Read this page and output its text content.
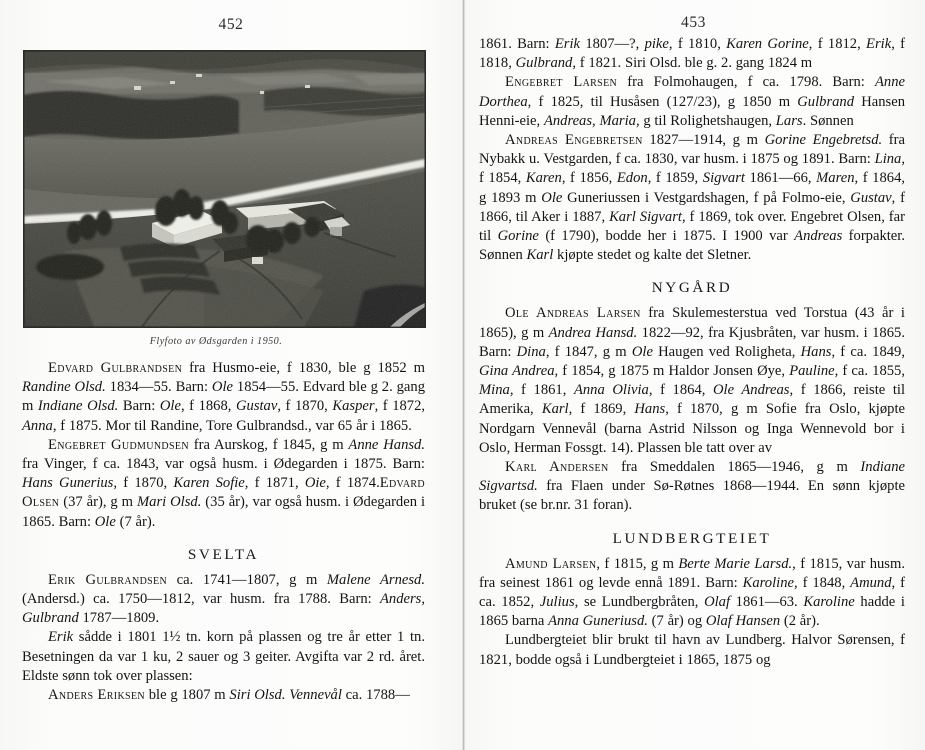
452
Flyfoto av Ødsgarden i 1950.

Edvard Gulbrandsen fra Husmo-eie, f 1830, ble g 1852 m Randine Olsd. 1834—55. Barn: Ole 1854—55. Edvard ble g 2. gang m Indiane Olsd. Barn: Ole, f 1868, Gustav, f 1870, Kasper, f 1872, Anna, f 1875. Mor til Randine, Tore Gulbrandsd., var 65 år i 1865.

Engebret Gudmundsen fra Aurskog, f 1845, g m Anne Hansd. fra Vinger, f ca. 1843, var også husm. i Ødegarden i 1875. Barn: Hans Gunerius, f 1870, Karen Sofie, f 1871, Oie, f 1874.Edvard Olsen (37 år), g m Mari Olsd. (35 år), var også husm. i Ødegarden i 1865. Barn: Ole (7 år).

SVELTA

Erik Gulbrandsen ca. 1741—1807, g m Malene Arnesd. (Andersd.) ca. 1750—1812, var husm. fra 1788. Barn: Anders, Gulbrand 1787—1809.

Erik sådde i 1801 1½ tn. korn på plassen og tre år etter 1 tn. Besetningen da var 1 ku, 2 sauer og 3 geiter. Avgifta var 2 rd. året. Eldste sønn tok over plassen:

Anders Eriksen ble g 1807 m Siri Olsd. Vennevål ca. 1788—

453

1861. Barn: Erik 1807—?, pike, f 1810, Karen Gorine, f 1812, Erik, f 1818, Gulbrand, f 1821. Siri Olsd. ble g. 2. gang 1824 m

Engebret Larsen fra Folmohaugen, f ca. 1798. Barn: Anne Dorthea, f 1825, til Husåsen (127/23), g 1850 m Gulbrand Hansen Henni-eie, Andreas, Maria, g til Rolighetshaugen, Lars. Sønnen

Andreas Engebretsen 1827—1914, g m Gorine Engebretsd. fra Nybakk u. Vestgarden, f ca. 1830, var husm. i 1875 og 1891. Barn: Lina, f 1854, Karen, f 1856, Edon, f 1859, Sigvart 1861—66, Maren, f 1864, g 1893 m Ole Guneriussen i Vestgardshagen, f på Folmo-eie, Gustav, f 1866, til Aker i 1887, Karl Sigvart, f 1869, tok over. Engebret Olsen, far til Gorine (f 1790), bodde her i 1875. I 1900 var Andreas forpakter. Sønnen Karl kjøpte stedet og kalte det Sletner.

NYGÅRD

Ole Andreas Larsen fra Skulemesterstua ved Torstua (43 år i 1865), g m Andrea Hansd. 1822—92, fra Kjusbråten, var husm. i 1865. Barn: Dina, f 1847, g m Ole Haugen ved Roligheta, Hans, f ca. 1849, Gina Andrea, f 1854, g 1875 m Haldor Jonsen Øye, Pauline, f ca. 1855, Mina, f 1861, Anna Olivia, f 1864, Ole Andreas, f 1866, reiste til Amerika, Karl, f 1869, Hans, f 1870, g m Sofie fra Oslo, kjøpte Nordgarn Vennevål (barna Astrid Nilsson og Inga Wennevold bor i Oslo, Herman Fossgt. 14). Plassen ble tatt over av

Karl Andersen fra Smeddalen 1865—1946, g m Indiane Sigvartsd. fra Flaen under Sø-Røtnes 1868—1944. En sønn kjøpte bruket (se br.nr. 31 foran).

LUNDBERGTEIET

Amund Larsen, f 1815, g m Berte Marie Larsd., f 1815, var husm. fra seinest 1861 og levde ennå 1891. Barn: Karoline, f 1848, Amund, f ca. 1852, Julius, se Lundbergbråten, Olaf 1861—63. Karoline hadde i 1865 barna Anna Guneriusd. (7 år) og Olaf Hansen (2 år).

Lundbergteiet blir brukt til havn av Lundberg. Halvor Sørensen, f 1821, bodde også i Lundbergteiet i 1865, 1875 og
